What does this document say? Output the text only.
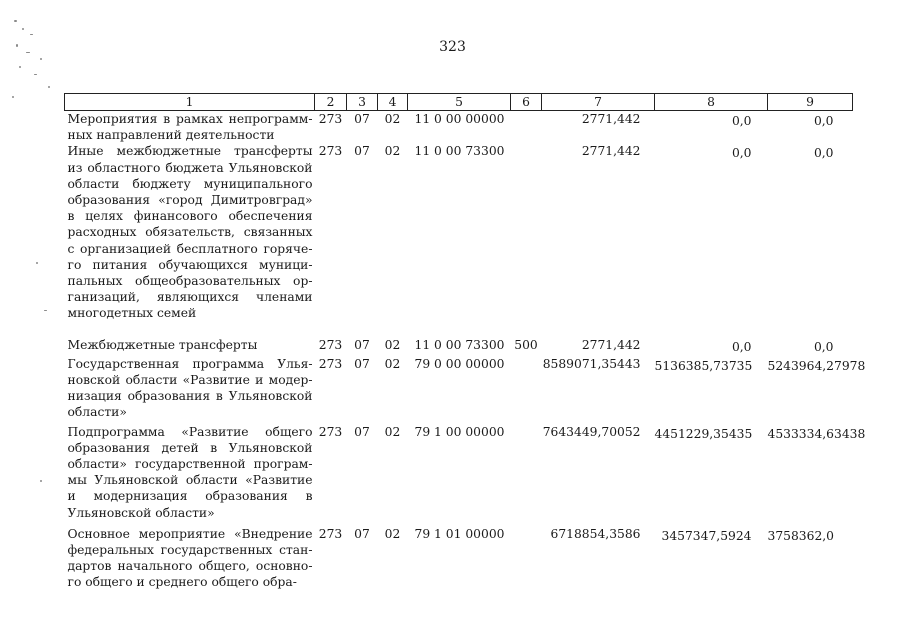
323
1	2	3	4	5	6	7	8	9
Мероприятия в рамках непрограмм-ных направлений деятельности	273	07	02	11 0 00 00000		2771,442	0,0	0,0
Иные межбюджетные трансферты из областного бюджета Ульяновской области бюджету муниципального образования «город Димитровград» в целях финансового обеспечения расходных обязательств, связанных с организацией бесплатного горяче-го питания обучающихся муници-пальных общеобразовательных ор-ганизаций, являющихся членами многодетных семей	273	07	02	11 0 00 73300		2771,442	0,0	0,0
Межбюджетные трансферты	273	07	02	11 0 00 73300	500	2771,442	0,0	0,0
Государственная программа Улья-новской области «Развитие и модер-низация образования в Ульяновской области»	273	07	02	79 0 00 00000		8589071,35443	5136385,73735	5243964,27978
Подпрограмма «Развитие общего образования детей в Ульяновской области» государственной програм-мы Ульяновской области «Развитие и модернизация образования в Ульяновской области»	273	07	02	79 1 00 00000		7643449,70052	4451229,35435	4533334,63438
Основное мероприятие «Внедрение федеральных государственных стан-дартов начального общего, основно-го общего и среднего общего обра-	273	07	02	79 1 01 00000		6718854,3586	3457347,5924	3758362,0
